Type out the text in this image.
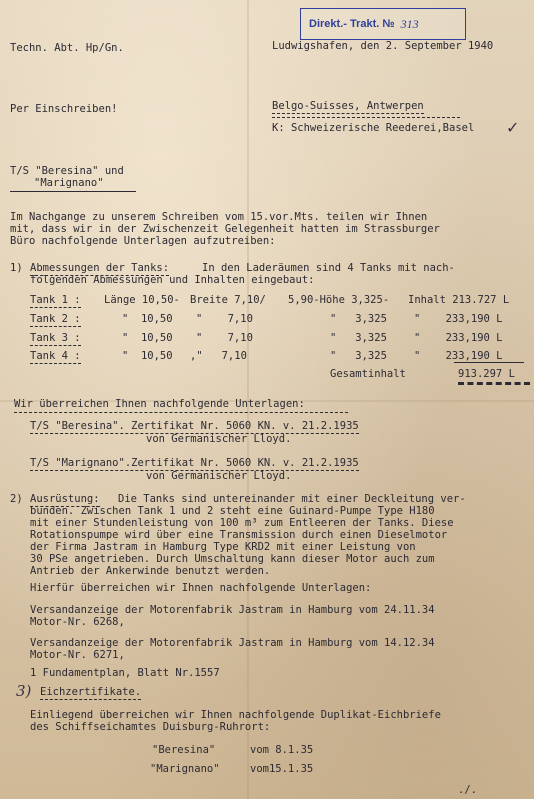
Direkt.- Trakt. № 313
Techn. Abt. Hp/Gn.	Ludwigshafen, den 2. September 1940
Per Einschreiben!	Belgo-Suisses, Antwerpen
K: Schweizerische Reederei,Basel ✓
T/S "Beresina" und
"Marignano"
Im Nachgange zu unserem Schreiben vom 15.vor.Mts. teilen wir Ihnen
mit, dass wir in der Zwischenzeit Gelegenheit hatten im Strassburger
Büro nachfolgende Unterlagen aufzutreiben:
1) Abmessungen der Tanks:	In den Laderäumen sind 4 Tanks mit nach-
folgenden Abmessungen und Inhalten eingebaut:
Tank 1 : Länge 10,50- Breite 7,10/ 5,90-Höhe 3,325- Inhalt 213.727 L
Tank 2 :	"  10,50 "    7,10	"   3,325	"    233,190 L
Tank 3 :	"  10,50 "    7,10	"   3,325	"    233,190 L
Tank 4 :	"  10,50 ,"   7,10	"   3,325	"    233,190 L
Gesamtinhalt	913.297 L
Wir überreichen Ihnen nachfolgende Unterlagen:
T/S "Beresina". Zertifikat Nr. 5060 KN. v. 21.2.1935
von Germanischer Lloyd.
T/S "Marignano".Zertifikat Nr. 5060 KN. v. 21.2.1935
von Germanischer Lloyd.
2) Ausrüstung: Die Tanks sind untereinander mit einer Deckleitung ver-
bunden. Zwischen Tank 1 und 2 steht eine Guinard-Pumpe Type H180
mit einer Stundenleistung von 100 m³ zum Entleeren der Tanks. Diese
Rotationspumpe wird über eine Transmission durch einen Dieselmotor
der Firma Jastram in Hamburg Type KRD2 mit einer Leistung von
30 PSe angetrieben. Durch Umschaltung kann dieser Motor auch zum
Antrieb der Ankerwinde benutzt werden.
Hierfür überreichen wir Ihnen nachfolgende Unterlagen:
Versandanzeige der Motorenfabrik Jastram in Hamburg vom 24.11.34
Motor-Nr. 6268,
Versandanzeige der Motorenfabrik Jastram in Hamburg vom 14.12.34
Motor-Nr. 6271,
1 Fundamentplan, Blatt Nr.1557
3) Eichzertifikate.
Einliegend überreichen wir Ihnen nachfolgende Duplikat-Eichbriefe
des Schiffseichamtes Duisburg-Ruhrort:
"Beresina"	vom 8.1.35
"Marignano"	vom15.1.35
./.
